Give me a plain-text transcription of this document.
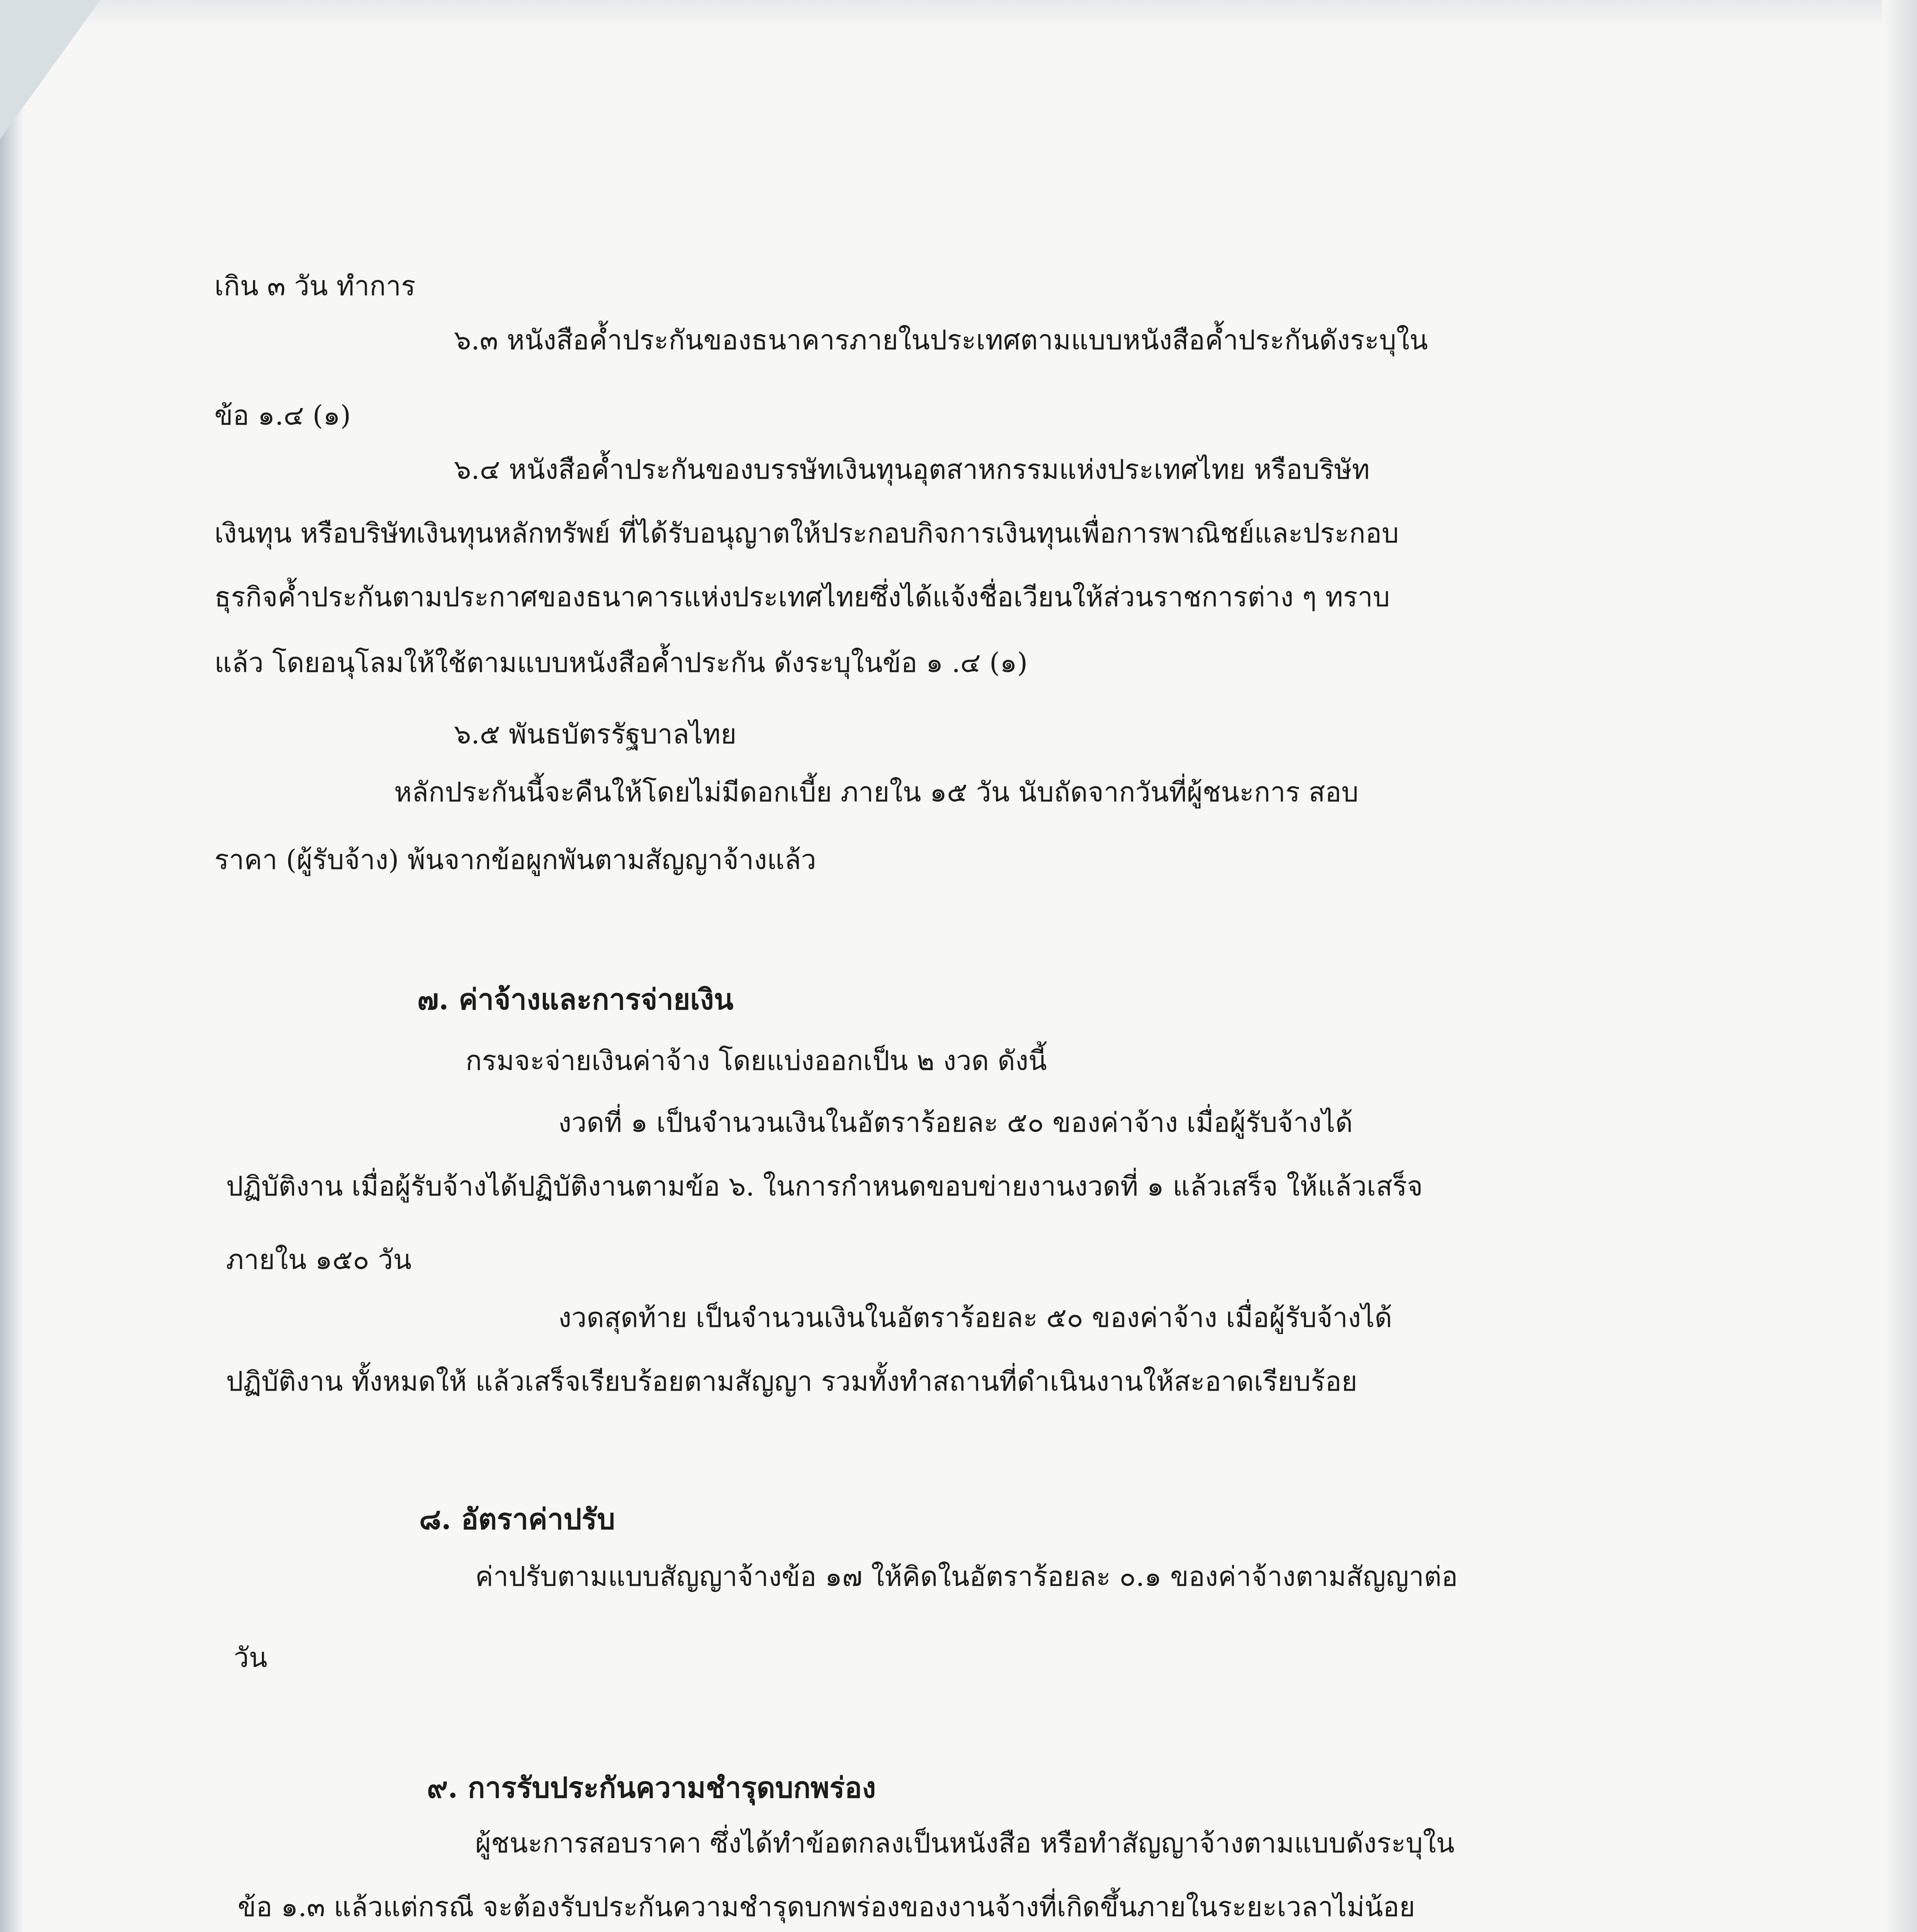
เกิน ๓ วัน ทำการ
๖.๓ หนังสือค้ำประกันของธนาคารภายในประเทศตามแบบหนังสือค้ำประกันดังระบุใน
ข้อ ๑.๔ (๑)
๖.๔ หนังสือค้ำประกันของบรรษัทเงินทุนอุตสาหกรรมแห่งประเทศไทย หรือบริษัท
เงินทุน หรือบริษัทเงินทุนหลักทรัพย์ ที่ได้รับอนุญาตให้ประกอบกิจการเงินทุนเพื่อการพาณิชย์และประกอบ
ธุรกิจค้ำประกันตามประกาศของธนาคารแห่งประเทศไทยซึ่งได้แจ้งชื่อเวียนให้ส่วนราชการต่าง ๆ ทราบ
แล้ว โดยอนุโลมให้ใช้ตามแบบหนังสือค้ำประกัน ดังระบุในข้อ ๑ .๔ (๑)
๖.๕ พันธบัตรรัฐบาลไทย
หลักประกันนี้จะคืนให้โดยไม่มีดอกเบี้ย ภายใน ๑๕ วัน นับถัดจากวันที่ผู้ชนะการ สอบ
ราคา (ผู้รับจ้าง) พ้นจากข้อผูกพันตามสัญญาจ้างแล้ว
๗. ค่าจ้างและการจ่ายเงิน
กรมจะจ่ายเงินค่าจ้าง โดยแบ่งออกเป็น ๒ งวด ดังนี้
งวดที่ ๑ เป็นจำนวนเงินในอัตราร้อยละ ๕๐ ของค่าจ้าง เมื่อผู้รับจ้างได้
ปฏิบัติงาน เมื่อผู้รับจ้างได้ปฏิบัติงานตามข้อ ๖. ในการกำหนดขอบข่ายงานงวดที่ ๑ แล้วเสร็จ ให้แล้วเสร็จ
ภายใน ๑๕๐ วัน
งวดสุดท้าย เป็นจำนวนเงินในอัตราร้อยละ ๕๐ ของค่าจ้าง เมื่อผู้รับจ้างได้
ปฏิบัติงาน ทั้งหมดให้ แล้วเสร็จเรียบร้อยตามสัญญา รวมทั้งทำสถานที่ดำเนินงานให้สะอาดเรียบร้อย
๘. อัตราค่าปรับ
ค่าปรับตามแบบสัญญาจ้างข้อ ๑๗ ให้คิดในอัตราร้อยละ ๐.๑ ของค่าจ้างตามสัญญาต่อ
วัน
๙. การรับประกันความชำรุดบกพร่อง
ผู้ชนะการสอบราคา ซึ่งได้ทำข้อตกลงเป็นหนังสือ หรือทำสัญญาจ้างตามแบบดังระบุใน
ข้อ ๑.๓ แล้วแต่กรณี จะต้องรับประกันความชำรุดบกพร่องของงานจ้างที่เกิดขึ้นภายในระยะเวลาไม่น้อย
